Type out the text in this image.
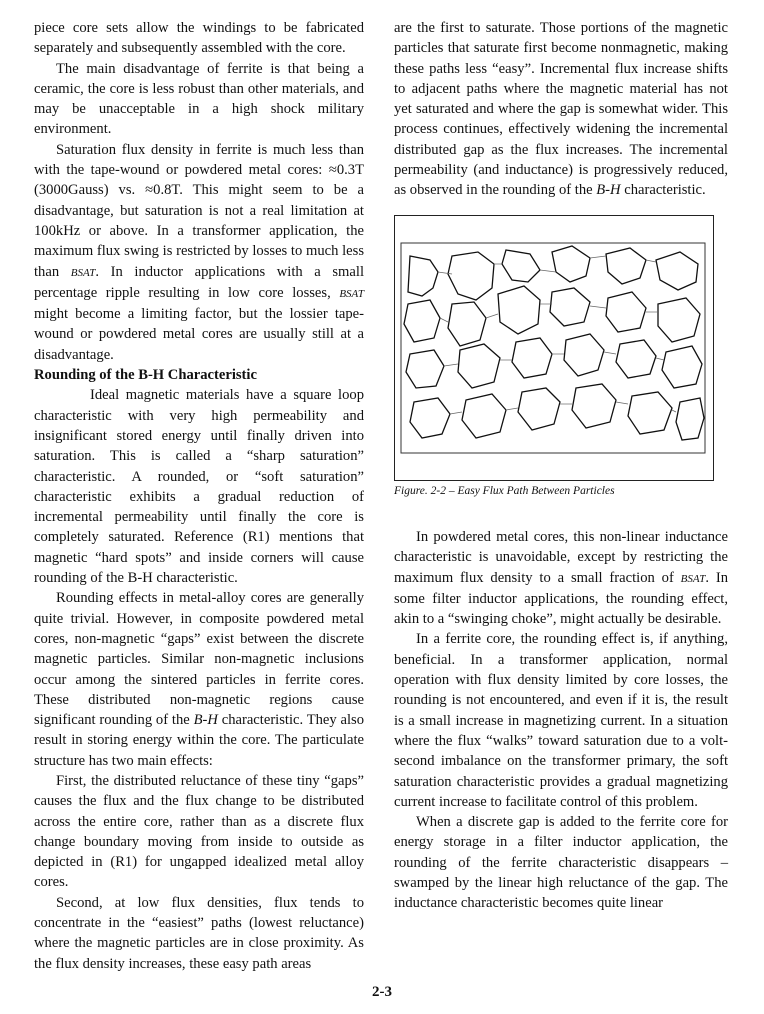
piece core sets allow the windings to be fabricated separately and subsequently assembled with the core.

The main disadvantage of ferrite is that being a ceramic, the core is less robust than other materials, and may be unacceptable in a high shock military environment.

Saturation flux density in ferrite is much less than with the tape-wound or powdered metal cores: ≈0.3T (3000Gauss) vs. ≈0.8T. This might seem to be a disadvantage, but saturation is not a real limitation at 100kHz or above. In a transformer application, the maximum flux swing is restricted by losses to much less than BSAT. In inductor applications with a small percentage ripple resulting in low core losses, BSAT might become a limiting factor, but the lossier tape-wound or powdered metal cores are usually still at a disadvantage.

Rounding of the B-H Characteristic

Ideal magnetic materials have a square loop characteristic with very high permeability and insignificant stored energy until finally driven into saturation. This is called a “sharp saturation” characteristic. A rounded, or “soft saturation” characteristic exhibits a gradual reduction of incremental permeability until finally the core is completely saturated. Reference (R1) mentions that magnetic “hard spots” and inside corners will cause rounding of the B-H characteristic.

Rounding effects in metal-alloy cores are generally quite trivial. However, in composite powdered metal cores, non-magnetic “gaps” exist between the discrete magnetic particles. Similar non-magnetic inclusions occur among the sintered particles in ferrite cores. These distributed non-magnetic regions cause significant rounding of the B-H characteristic. They also result in storing energy within the core. The particulate structure has two main effects:

First, the distributed reluctance of these tiny “gaps” causes the flux and the flux change to be distributed across the entire core, rather than as a discrete flux change boundary moving from inside to outside as depicted in (R1) for ungapped idealized metal alloy cores.

Second, at low flux densities, flux tends to concentrate in the “easiest” paths (lowest reluctance) where the magnetic particles are in close proximity. As the flux density increases, these easy path areas

are the first to saturate. Those portions of the magnetic particles that saturate first become nonmagnetic, making these paths less “easy”. Incremental flux increase shifts to adjacent paths where the magnetic material has not yet saturated and where the gap is somewhat wider. This process continues, effectively widening the incremental distributed gap as the flux increases. The incremental permeability (and inductance) is progressively reduced, as observed in the rounding of the B-H characteristic.

Figure. 2-2 – Easy Flux Path Between Particles

In powdered metal cores, this non-linear inductance characteristic is unavoidable, except by restricting the maximum flux density to a small fraction of BSAT. In some filter inductor applications, the rounding effect, akin to a “swinging choke”, might actually be desirable.

In a ferrite core, the rounding effect is, if anything, beneficial. In a transformer application, normal operation with flux density limited by core losses, the rounding is not encountered, and even if it is, the result is a small increase in magnetizing current. In a situation where the flux “walks” toward saturation due to a volt-second imbalance on the transformer primary, the soft saturation characteristic provides a gradual magnetizing current increase to facilitate control of this problem.

When a discrete gap is added to the ferrite core for energy storage in a filter inductor application, the rounding of the ferrite characteristic disappears – swamped by the linear high reluctance of the gap. The inductance characteristic becomes quite linear

2-3
